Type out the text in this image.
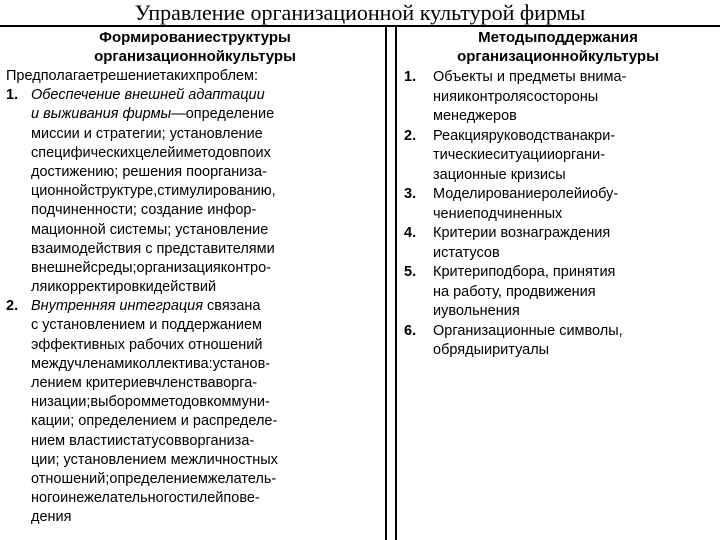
Управление организационной культурой фирмы
Формированиеструктуры
организационнойкультуры
Предполагаетрешениетакихпроблем:
1. Обеспечение внешней адаптации
и выживания фирмы—определение
миссии и стратегии; установление
специфическихцелейиметодовпоих
достижению; решения поорганиза-
ционнойструктуре,стимулированию,
подчиненности; создание инфор-
мационной системы; установление
взаимодействия с представителями
внешнейсреды;организацияконтро-
ляикорректировкидействий
2. Внутренняя интеграция связана
с установлением и поддержанием
эффективных рабочих отношений
междучленамиколлектива:установ-
лением критериевчленствавоpга-
низации;выборомметодовкоммуни-
кации; определением и распределе-
нием властиистатусоввopганиза-
ции; установлением межличностных
отношений;определениемжелатель-
ногоинежелательногостилейпове-
дения
Методыподдержания
организационнойкультуры
1. Объекты и предметы внима-
нияиконтролясостороны
менеджеров
2. Реакцияруководстванакри-
тическиеситуацииоргани-
зационные кризисы
3. Моделированиеролейиобу-
чениеподчиненных
4. Критерии вознаграждения
истатусов
5. Критериподбора, принятия
на работу, продвижения
иувольнения
6. Организационные символы,
обрядыиритуалы
